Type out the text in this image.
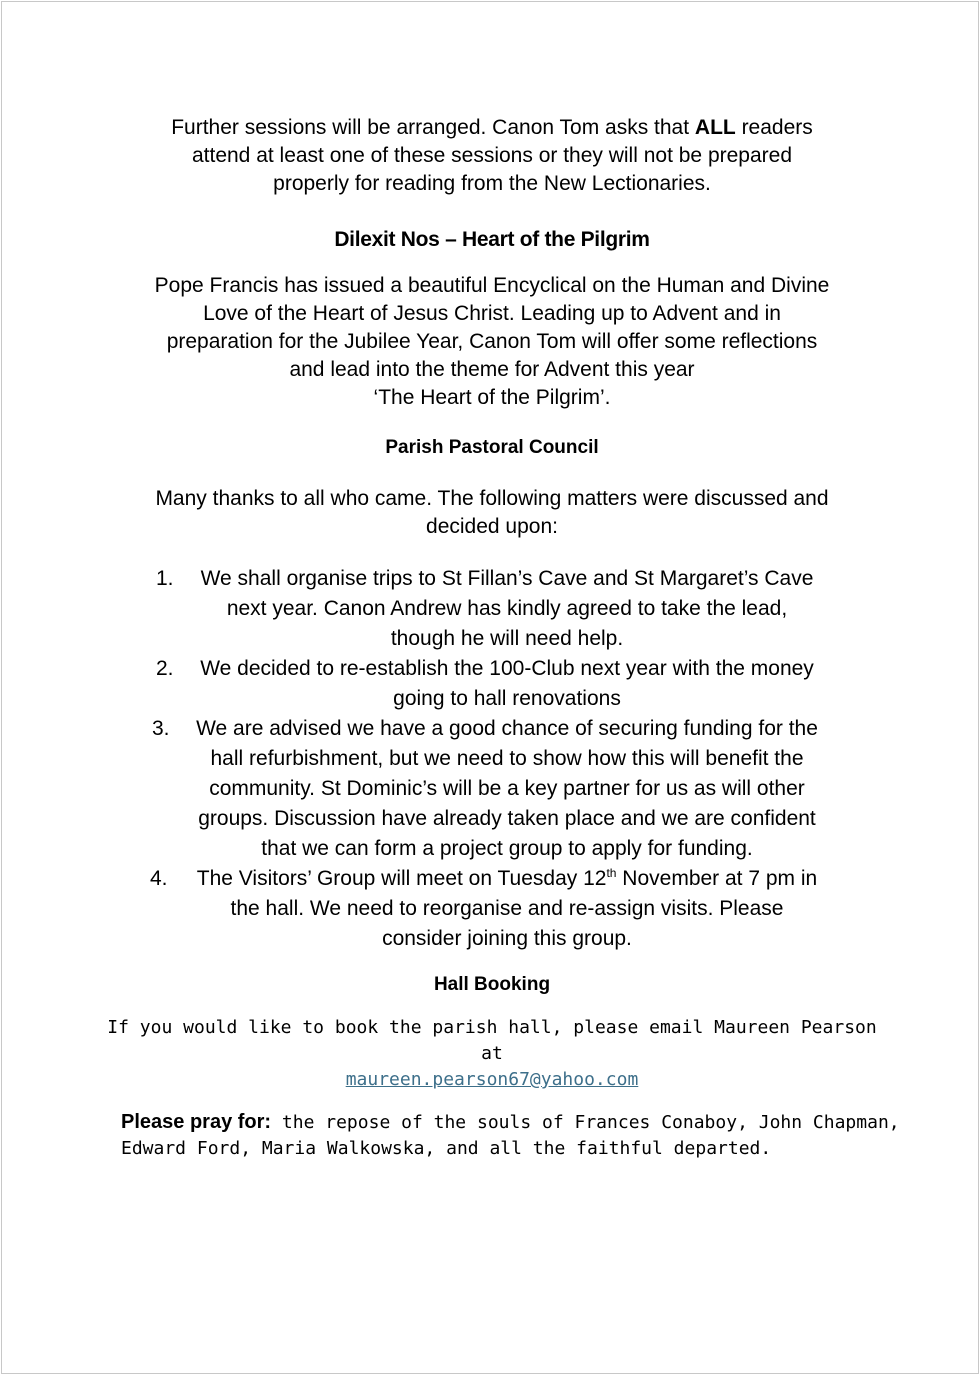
Further sessions will be arranged. Canon Tom asks that ALL readers
attend at least one of these sessions or they will not be prepared
properly for reading from the New Lectionaries.

Dilexit Nos – Heart of the Pilgrim

Pope Francis has issued a beautiful Encyclical on the Human and Divine
Love of the Heart of Jesus Christ. Leading up to Advent and in
preparation for the Jubilee Year, Canon Tom will offer some reflections
and lead into the theme for Advent this year
‘The Heart of the Pilgrim’.

Parish Pastoral Council

Many thanks to all who came. The following matters were discussed and
decided upon:

1. We shall organise trips to St Fillan’s Cave and St Margaret’s Cave
next year. Canon Andrew has kindly agreed to take the lead,
though he will need help.
2. We decided to re-establish the 100-Club next year with the money
going to hall renovations
3. We are advised we have a good chance of securing funding for the
hall refurbishment, but we need to show how this will benefit the
community. St Dominic’s will be a key partner for us as will other
groups. Discussion have already taken place and we are confident
that we can form a project group to apply for funding.
4. The Visitors’ Group will meet on Tuesday 12th November at 7 pm in
the hall. We need to reorganise and re-assign visits. Please
consider joining this group.

Hall Booking

If you would like to book the parish hall, please email Maureen Pearson at
maureen.pearson67@yahoo.com

Please pray for: the repose of the souls of Frances Conaboy, John Chapman,
Edward Ford, Maria Walkowska, and all the faithful departed.
